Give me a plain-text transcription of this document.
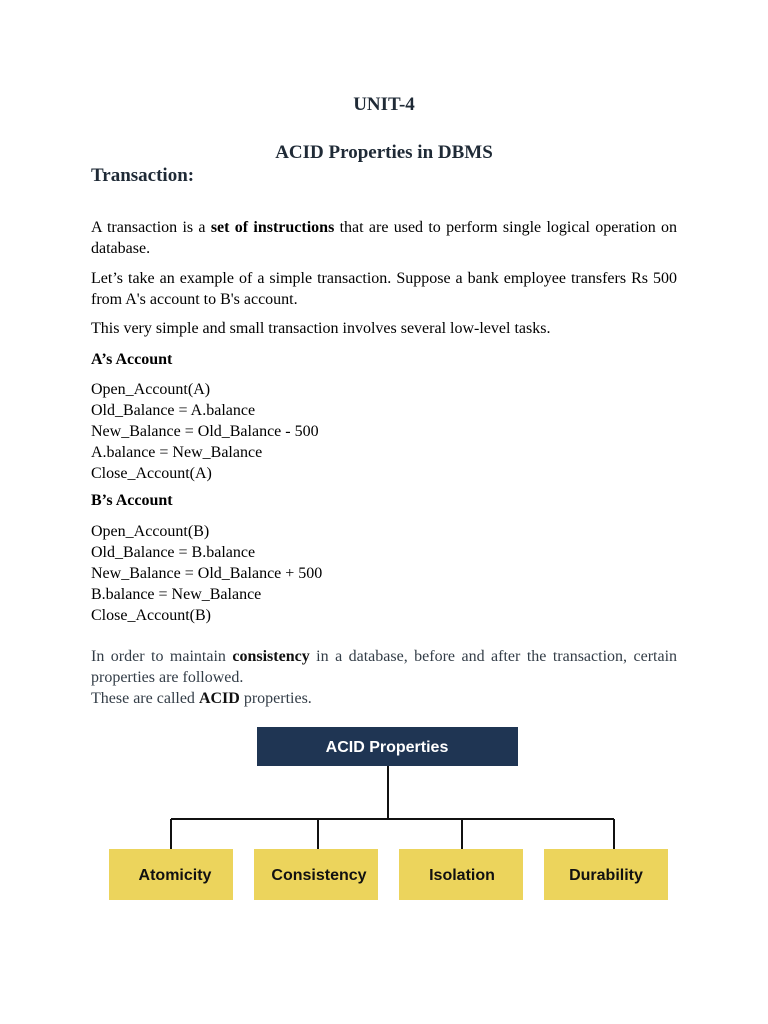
UNIT-4
ACID Properties in DBMS
Transaction:
A transaction is a set of instructions that are used to perform single logical operation on database.
Let’s take an example of a simple transaction. Suppose a bank employee transfers Rs 500 from A's account to B's account.
This very simple and small transaction involves several low-level tasks.
A’s Account
Open_Account(A)
Old_Balance = A.balance
New_Balance = Old_Balance - 500
A.balance = New_Balance
Close_Account(A)
B’s Account
Open_Account(B)
Old_Balance = B.balance
New_Balance = Old_Balance + 500
B.balance = New_Balance
Close_Account(B)
In order to maintain consistency in a database, before and after the transaction, certain properties are followed.
These are called ACID properties.
ACID Properties
Atomicity	Consistency	Isolation	Durability
